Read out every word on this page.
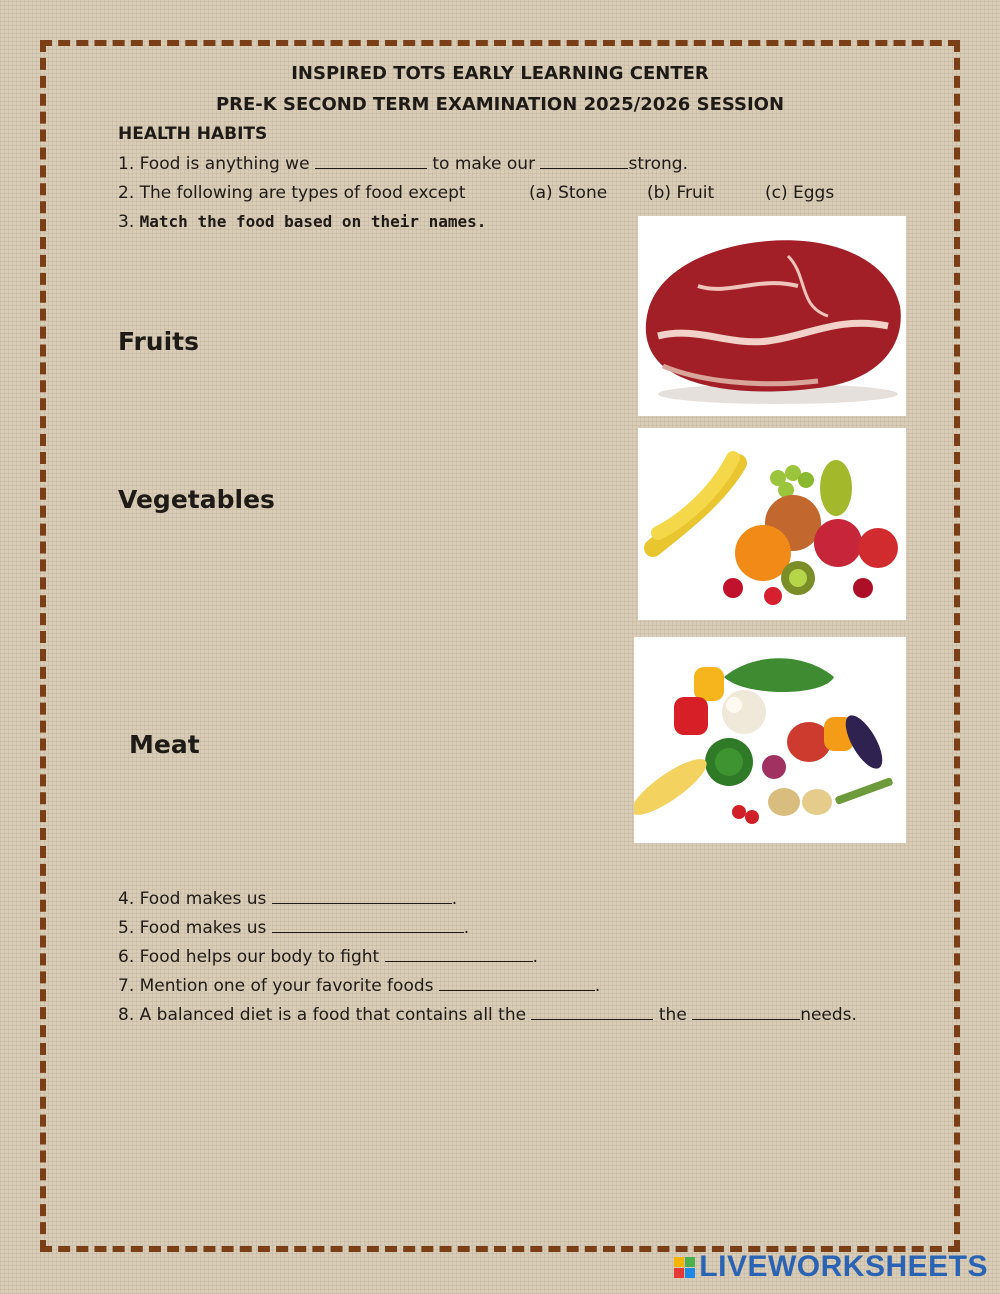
INSPIRED TOTS EARLY LEARNING CENTER
PRE-K SECOND TERM EXAMINATION 2025/2026 SESSION
HEALTH HABITS
1. Food is anything we	to make our	strong.
2. The following are types of food except	(a) Stone (b) Fruit	(c) Eggs
3. Match the food based on their names.
Fruits
Vegetables
Meat
4. Food makes us	.
5. Food makes us	.
6. Food helps our body to fight	.
7. Mention one of your favorite foods	.
8. A balanced diet is a food that contains all the	the	needs.
LIVEWORKSHEETS
